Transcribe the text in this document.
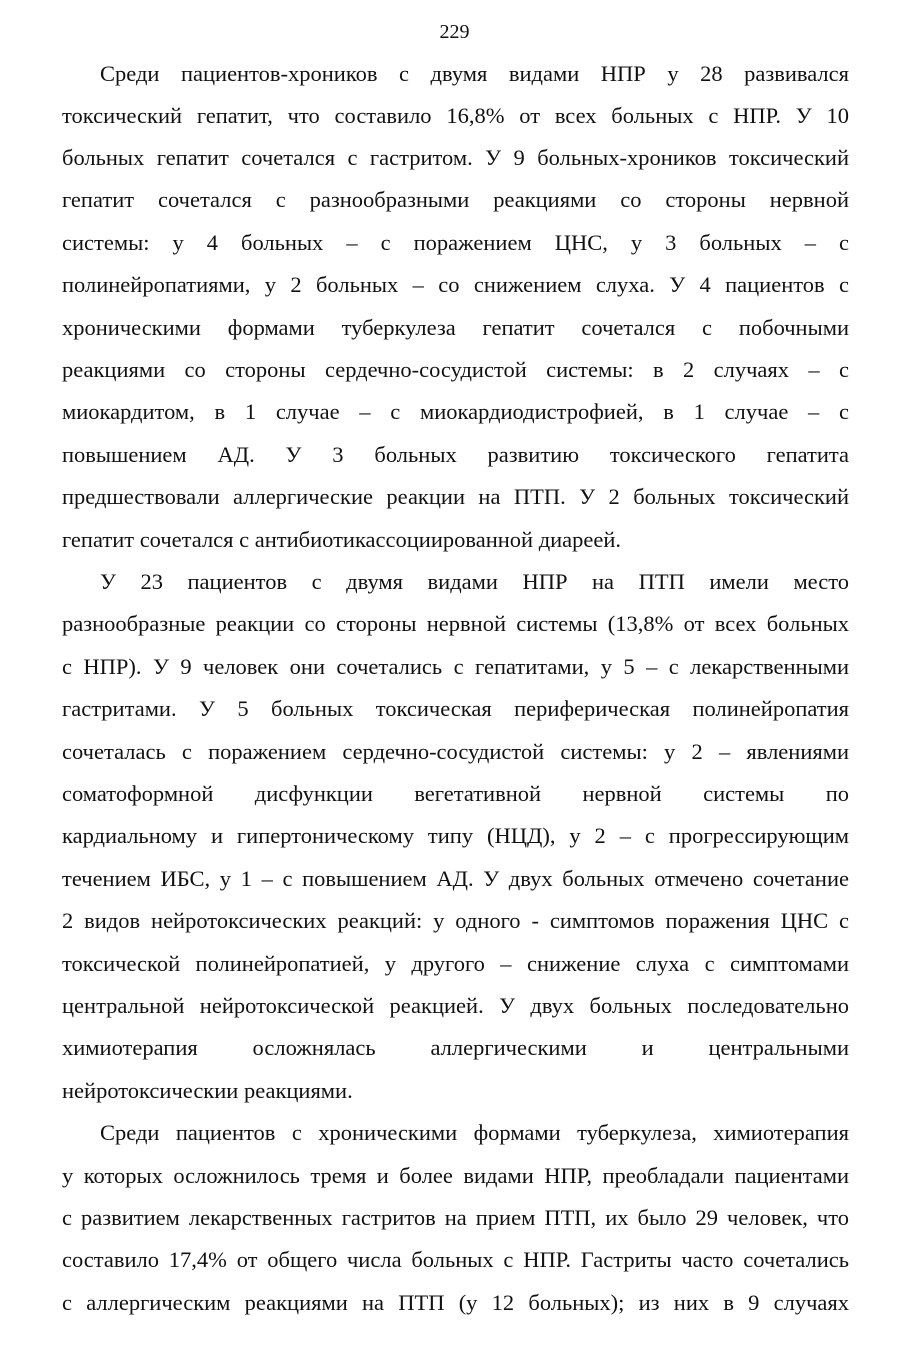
229
Среди пациентов-хроников с двумя видами НПР у 28 развивался
токсический гепатит, что составило 16,8% от всех больных с НПР. У 10
больных гепатит сочетался с гастритом. У 9 больных-хроников токсический
гепатит сочетался с разнообразными реакциями со стороны нервной
системы: у 4 больных – с поражением ЦНС, у 3 больных – с
полинейропатиями, у 2 больных – со снижением слуха. У 4 пациентов с
хроническими формами туберкулеза гепатит сочетался с побочными
реакциями со стороны сердечно-сосудистой системы: в 2 случаях – с
миокардитом, в 1 случае – с миокардиодистрофией, в 1 случае – с
повышением АД. У 3 больных развитию токсического гепатита
предшествовали аллергические реакции на ПТП. У 2 больных токсический
гепатит сочетался с антибиотикассоциированной диареей.
У 23 пациентов с двумя видами НПР на ПТП имели место
разнообразные реакции со стороны нервной системы (13,8% от всех больных
с НПР). У 9 человек они сочетались с гепатитами, у 5 – с лекарственными
гастритами. У 5 больных токсическая периферическая полинейропатия
сочеталась с поражением сердечно-сосудистой системы: у 2 – явлениями
соматоформной дисфункции вегетативной нервной системы по
кардиальному и гипертоническому типу (НЦД), у 2 – с прогрессирующим
течением ИБС, у 1 – с повышением АД. У двух больных отмечено сочетание
2 видов нейротоксических реакций: у одного - симптомов поражения ЦНС с
токсической полинейропатией, у другого – снижение слуха с симптомами
центральной нейротоксической реакцией. У двух больных последовательно
химиотерапия осложнялась аллергическими и центральными
нейротоксическии реакциями.
Среди пациентов с хроническими формами туберкулеза, химиотерапия
у которых осложнилось тремя и более видами НПР, преобладали пациентами
с развитием лекарственных гастритов на прием ПТП, их было 29 человек, что
составило 17,4% от общего числа больных с НПР. Гастриты часто сочетались
с аллергическим реакциями на ПТП (у 12 больных); из них в 9 случаях
